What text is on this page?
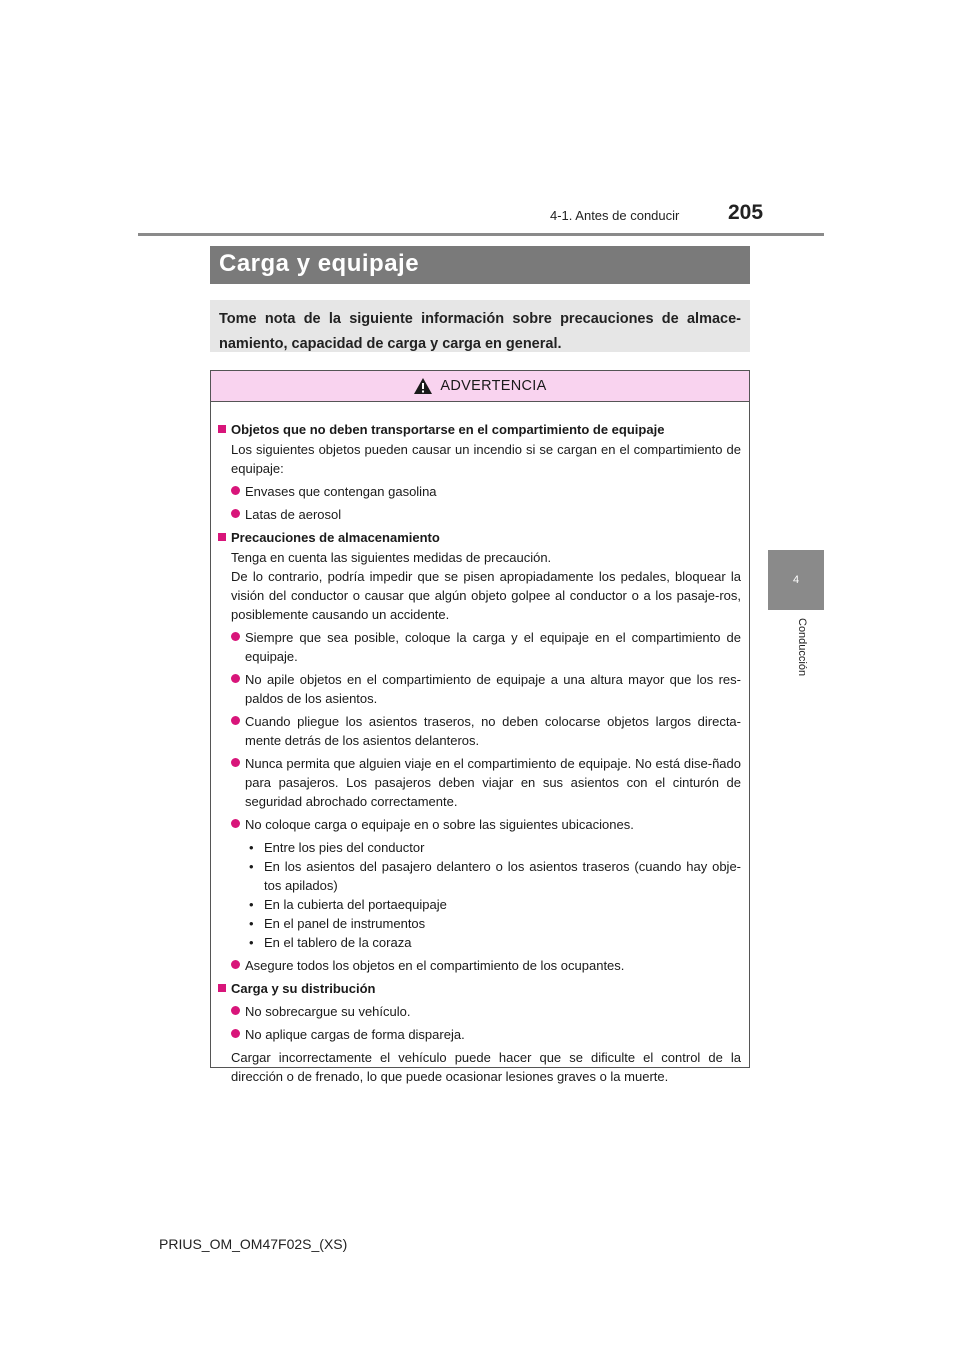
4-1. Antes de conducir 205
4
Conducción
Carga y equipaje
Tome nota de la siguiente información sobre precauciones de almace-namiento, capacidad de carga y carga en general.
ADVERTENCIA
Objetos que no deben transportarse en el compartimiento de equipaje
Los siguientes objetos pueden causar un incendio si se cargan en el compartimiento de equipaje:
Envases que contengan gasolina
Latas de aerosol
Precauciones de almacenamiento
Tenga en cuenta las siguientes medidas de precaución.
De lo contrario, podría impedir que se pisen apropiadamente los pedales, bloquear la visión del conductor o causar que algún objeto golpee al conductor o a los pasaje-ros, posiblemente causando un accidente.
Siempre que sea posible, coloque la carga y el equipaje en el compartimiento de equipaje.
No apile objetos en el compartimiento de equipaje a una altura mayor que los res-paldos de los asientos.
Cuando pliegue los asientos traseros, no deben colocarse objetos largos directa-mente detrás de los asientos delanteros.
Nunca permita que alguien viaje en el compartimiento de equipaje. No está dise-ñado para pasajeros. Los pasajeros deben viajar en sus asientos con el cinturón de seguridad abrochado correctamente.
No coloque carga o equipaje en o sobre las siguientes ubicaciones.
• Entre los pies del conductor
• En los asientos del pasajero delantero o los asientos traseros (cuando hay obje-tos apilados)
• En la cubierta del portaequipaje
• En el panel de instrumentos
• En el tablero de la coraza
Asegure todos los objetos en el compartimiento de los ocupantes.
Carga y su distribución
No sobrecargue su vehículo.
No aplique cargas de forma dispareja.
Cargar incorrectamente el vehículo puede hacer que se dificulte el control de la dirección o de frenado, lo que puede ocasionar lesiones graves o la muerte.
PRIUS_OM_OM47F02S_(XS)
